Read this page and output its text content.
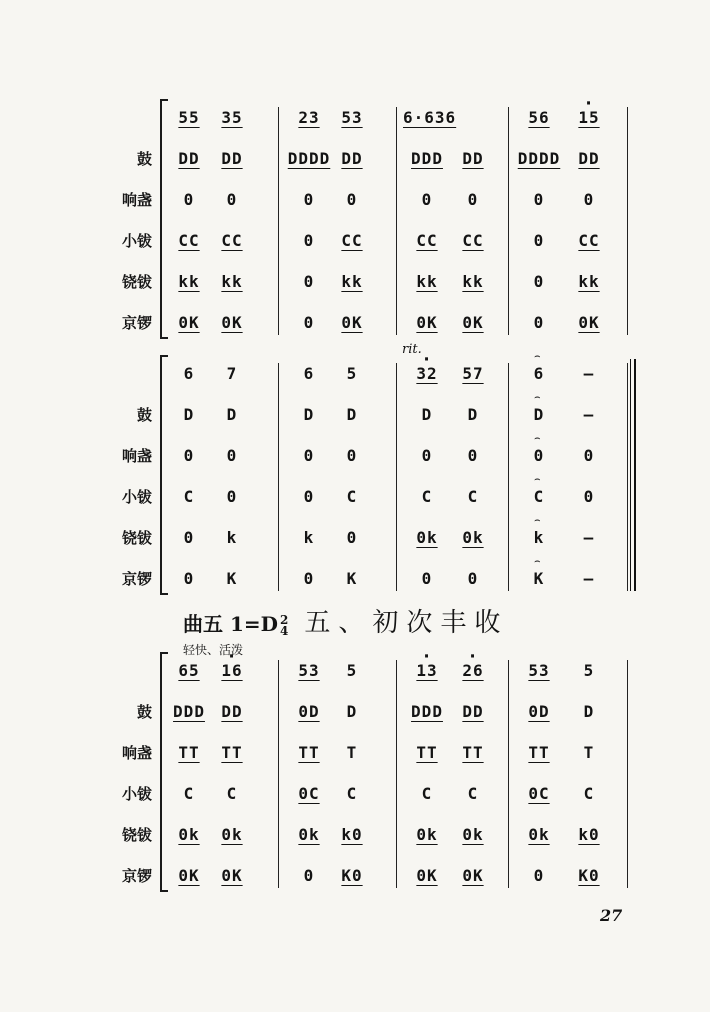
55	35	23	53	6·636	56	· 15
鼓	DD	DD	DDDD DD	DDD	DD	DDDD	DD
响盏	0	0	0	0	0	0	0	0
小钹	CC	CC	0	CC	CC	CC	0	CC
铙钹	kk	kk	0	kk	kk	kk	0	kk
京锣	0K	0K	0	0K	0K	0K	0	0K
6	7	6	5	· 32	57	6	–
鼓	D	D	D	D	D	D	D	–
响盏	0	0	0	0	0	0	0	0
小钹	C	0	0	C	C	C	C	0
铙钹	0	k	k	0	0k	0k	k	–
京锣	0	K	0	K	0	0	K	–
⌢
⌢
⌢
⌢
⌢
⌢
65	· 16	53	5	· 13	· 26	53	5
鼓	DDD	DD	0D	D	DDD	DD	0D	D
响盏	TT	TT	TT	T	TT	TT	TT	T
小钹	C	C	0C	C	C	C	0C	C
铙钹	0k	0k	0k	k0	0k	0k	0k	k0
京锣	0K	0K	0	K0	0K	0K	0	K0
曲五 1=D 2
4 五、初次丰收
轻快、活泼
rit.
27
